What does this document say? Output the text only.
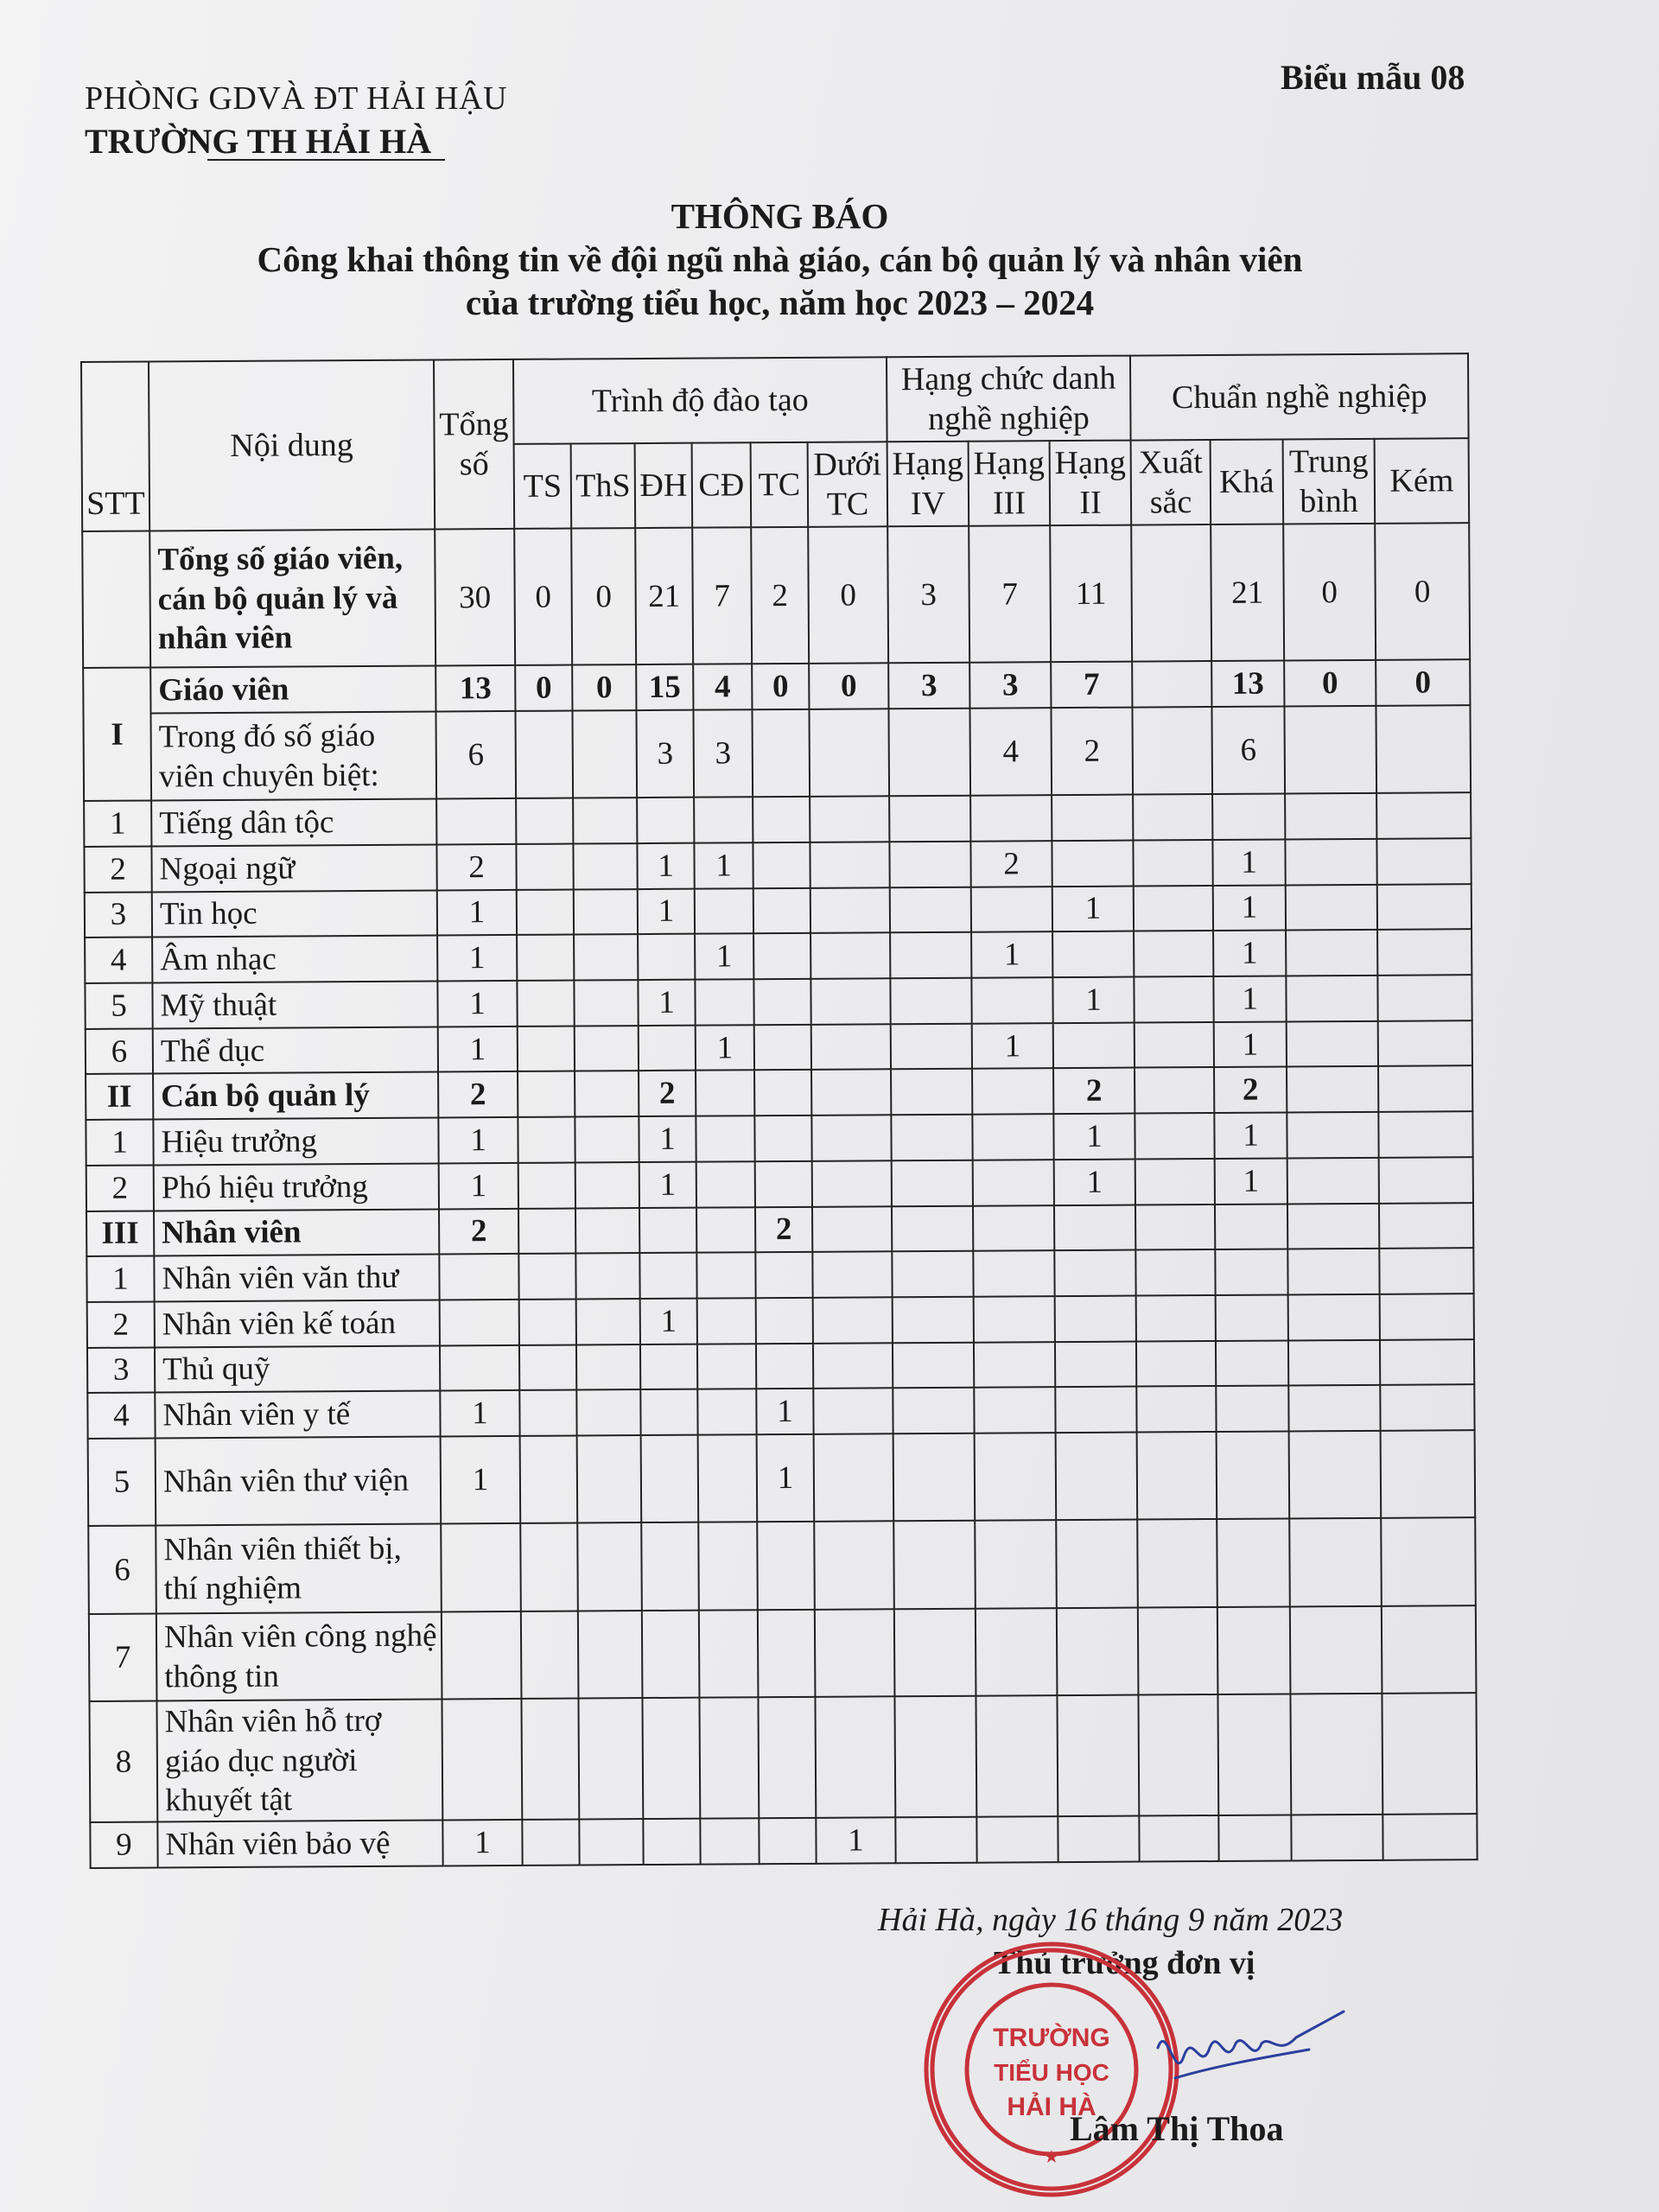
PHÒNG GDVÀ ĐT HẢI HẬU
TRƯỜNG TH HẢI HÀ
Biểu mẫu 08
THÔNG BÁO
Công khai thông tin về đội ngũ nhà giáo, cán bộ quản lý và nhân viên
của trường tiểu học, năm học 2023 – 2024
STT	Nội dung	Tổng số	Trình độ đào tạo						Hạng chức danh nghề nghiệp			Chuẩn nghề nghiệp			
			TS	ThS	ĐH	CĐ	TC	Dưới TC	Hạng IV	Hạng III	Hạng II	Xuất sắc	Khá	Trung bình	Kém
	Tổng số giáo viên, cán bộ quản lý và nhân viên	30	0	0	21	7	2	0	3	7	11		21	0	0
I	Giáo viên	13	0	0	15	4	0	0	3	3	7		13	0	0
	Trong đó số giáo viên chuyên biệt:	6			3	3				4	2		6		
1	Tiếng dân tộc														
2	Ngoại ngữ	2			1	1				2			1		
3	Tin học	1			1						1		1		
4	Âm nhạc	1				1				1			1		
5	Mỹ thuật	1			1						1		1		
6	Thể dục	1				1				1			1		
II	Cán bộ quản lý	2			2						2		2		
1	Hiệu trưởng	1			1						1		1		
2	Phó hiệu trưởng	1			1						1		1		
III	Nhân viên	2					2								
1	Nhân viên văn thư														
2	Nhân viên kế toán				1										
3	Thủ quỹ														
4	Nhân viên y tế	1					1								
5	Nhân viên thư viện	1					1								
6	Nhân viên thiết bị, thí nghiệm														
7	Nhân viên công nghệ thông tin														
8	Nhân viên hỗ trợ giáo dục người khuyết tật														
9	Nhân viên bảo vệ	1						1							
Hải Hà, ngày 16 tháng 9 năm 2023
Thủ trưởng đơn vị
TRƯỜNG
TIỂU HỌC
HẢI HÀ
★
Lâm Thị Thoa
